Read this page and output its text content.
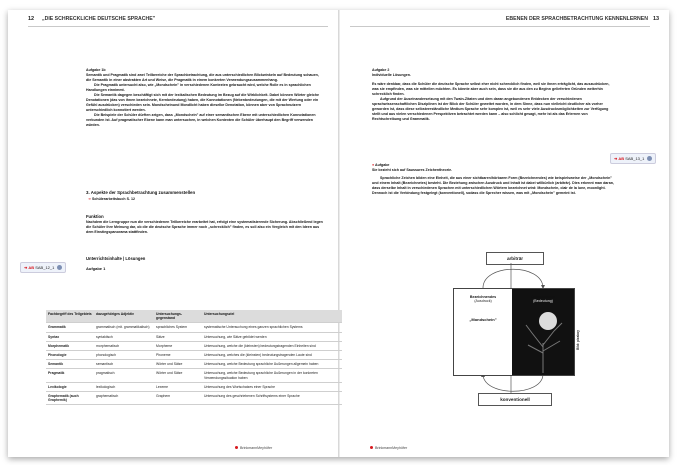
12 „DIE SCHRECKLICHE DEUTSCHE SPRACHE"
Aufgabe 1b
Semantik und Pragmatik sind zwei Teilbereiche der Sprachbetrachtung, die aus unterschiedlichen Blickwinkeln auf Bedeutung schauen, die Semantik in einer abstrakten Art und Weise, die Pragmatik in einem konkreten Verwendungszusammenhang.
Die Pragmatik untersucht also, wie „Mondschein" in verschiedenen Kontexten gebraucht wird, welche Rolle es in sprachlichen Handlungen einnimmt.
Die Semantik dagegen beschäftigt sich mit der lexikalischen Bedeutung im Bezug auf die Wirklichkeit. Dabei können Wörter gleiche Denotationen (das von ihnen bezeichnete, Kernbedeutung) haben, die Konnotationen (Nebenbedeutungen, die mit der Wertung oder ein Gefühl ausdrücken) verschieden sein. Mondscheinund Mondlicht haben dieselbe Denotation, können aber von Sprachnutzern unterschiedlich konnotiert werden.
Die Beispiele der Schüler dürften zeigen, dass „Mondschein" auf einer semantischen Ebene mit unterschiedlichen Konnotationen verbunden ist. Auf pragmatischer Ebene kann man untersuchen, in welchen Kontexten die Schüler überhaupt den Begriff verwenden würden.
3. Aspekte der Sprachbetrachtung zusammenstellen
➜ Schülerarbeitsbuch S. 12
Funktion
Nachdem die Lerngruppe nun die verschiedenen Teilbereiche erarbeitet hat, erfolgt eine systematisierende Sicherung. Abschließend legen die Schüler ihre Meinung dar, ob die die deutsche Sprache immer noch „schrecklich" finden, es soll also ein Vergleich mit den Ideen aus dem Einstiegspanorama stattfinden.
Unterrichtsinhalte | Lösungen
Aufgabe 1
➜ AB SAB_12_1
Fachbegriff des Teilgebiets	dazugehöriges Adjektiv	Untersuchungs-gegenstand	Untersuchungsziel
Grammatik	grammatisch (mit. grammatikalisch)	sprachliches System	systematische Untersuchung eines ganzen sprachlichen Systems
Syntax	syntaktisch	Sätze	Untersuchung, wie Sätze gebildet werden
Morphematik	morphematisch	Morpheme	Untersuchung, welche die (kleinsten) bedeutungstragenden Einheiten sind
Phonologie	phonologisch	Phoneme	Untersuchung, welches die (kleinsten) bedeutungstragenden Laute sind
Semantik	semantisch	Wörter und Sätze	Untersuchung, welche Bedeutung sprachliche Äußerungen allgemein haben
Pragmatik	pragmatisch	Wörter und Sätze	Untersuchung, welche Bedeutung sprachliche Äußerungen in der konkreten Verwendungssituation haben
Lexikologie	lexikologisch	Lexeme	Untersuchung des Wortschatzes einer Sprache
Graphematik (auch Graphemik)	graphematisch	Graphem	Untersuchung des geschriebenen Schriftsystems einer Sprache
BrinkmannMeyhöfer
EBENEN DER SPRACHBETRACHTUNG KENNENLERNEN 13
Aufgabe 2
Individuelle Lösungen.
Es wäre denkbar, dass die Schüler die deutsche Sprache selbst eher nicht schrecklich finden, weil sie ihnen erträglicht, das auszudrücken, was sie empfinden, was sie mitteilen möchten. Es könnte aber auch sein, dass sie die aus den zu Beginn gelieferten Gründen weiterhin schrecklich finden.
Aufgrund der Auseinandersetzung mit den Twain-Zitaten und dem daran angebundenen Entdecken der verschiedenen sprachwissenschaftlichen Disziplinen ist der Blick der Schüler geweitet worden, in dem Sinne, dass nun vielleicht deutlicher als vorher geworden ist, dass diese selbstverständliche Medium Sprache sehr komplex ist, weil es sehr viele Ausdrucksmöglichkeiten zur Verfügung stellt und aus vielen verschiedenen Perspektiven betrachtet werden kann – also schlicht gesagt, mehr ist als das Erlernen von Rechtschreibung und Grammatik.
● Aufgabe
Sie bezieht sich auf Saussures Zeichentheorie.
Sprachliche Zeichen bilden eine Einheit, die aus einer sichtbaren/hörbaren Form (Bezeichnendes) wie beispielsweise der „Mondschein" und einem Inhalt (Bezeichnetes) besteht. Die Beziehung zwischen Ausdruck und Inhalt ist dabei willkürlich (arbiträr). Dies erkennt man daran, dass derselbe Inhalt in verschiedenen Sprachen mit unterschiedlichen Wörtern bezeichnet wird: Mondschein, clair de la lune, moonlight. Dennoch ist die Verbindung festgelegt (konventionell), sodass die Sprecher wissen, was mit „Mondschein" gemeint ist.
➜ AB SAB_13_1
arbiträr
Bezeichnendes
(Ausdruck)
„Mondschein"
Bezeichnetes
(Bedeutung)
Bild: pixabay
konventionell
BrinkmannMeyhöfer
